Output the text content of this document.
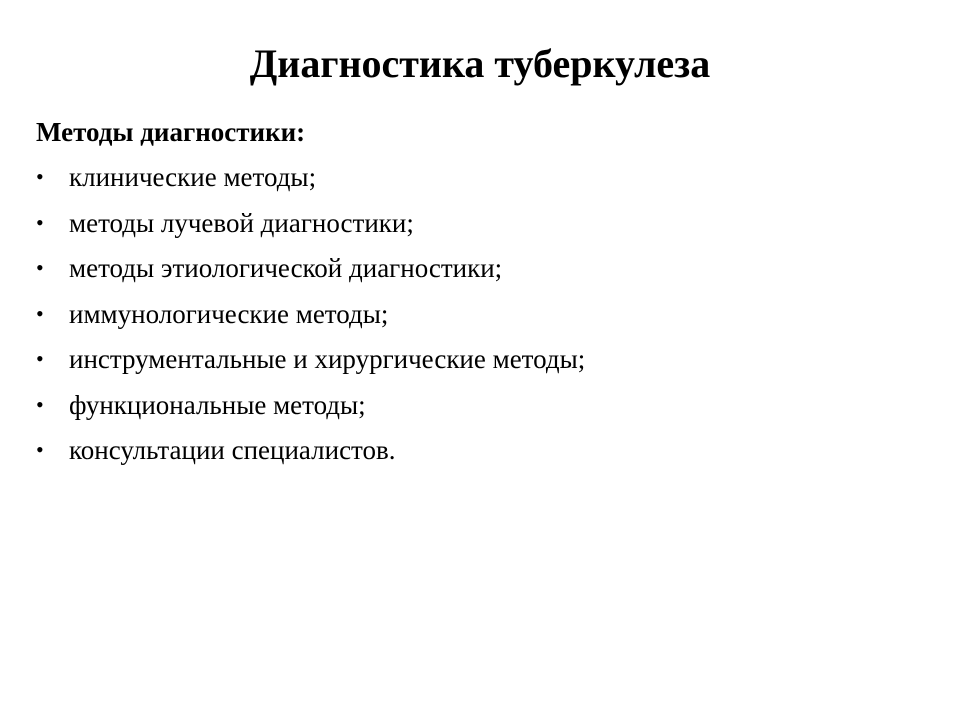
Диагностика туберкулеза
Методы диагностики:
• клинические методы;
• методы лучевой диагностики;
• методы этиологической диагностики;
• иммунологические методы;
• инструментальные и хирургические методы;
• функциональные методы;
• консультации специалистов.
